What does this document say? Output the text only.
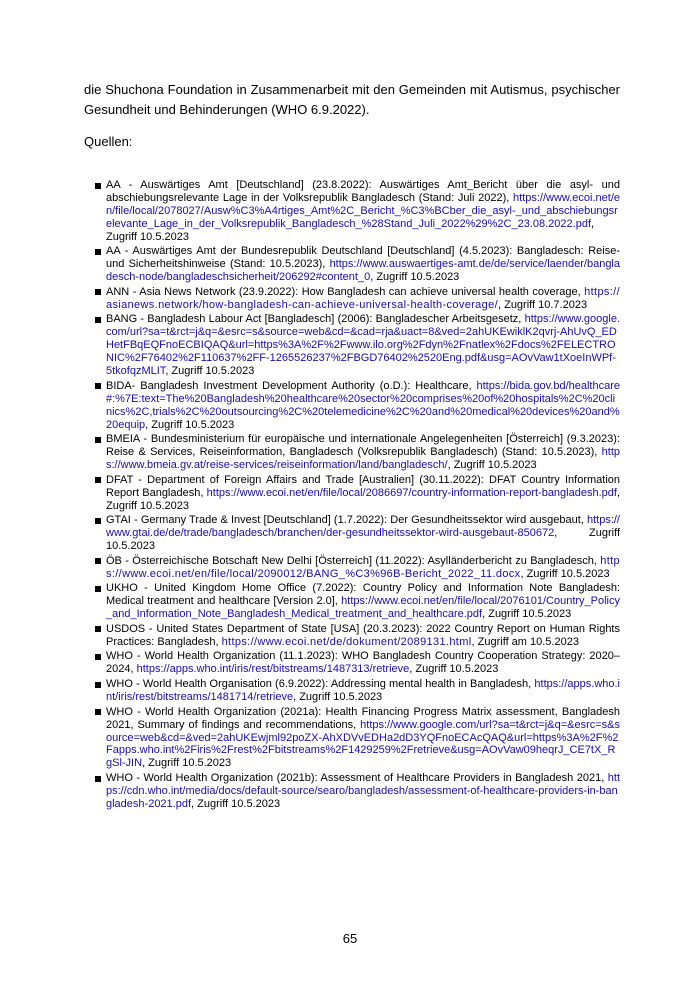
die Shuchona Foundation in Zusammenarbeit mit den Gemeinden mit Autismus, psychischer Gesundheit und Behinderungen (WHO 6.9.2022).

Quellen:

AA - Auswärtiges Amt [Deutschland] (23.8.2022): Auswärtiges Amt_Bericht über die asyl- und abschiebungsrelevante Lage in der Volksrepublik Bangladesch (Stand: Juli 2022), https://www.ecoi.net/en/file/local/2078027/Ausw%C3%A4rtiges_Amt%2C_Bericht_%C3%BCber_die_asyl-_und_abschiebungsrelevante_Lage_in_der_Volksrepublik_Bangladesch_%28Stand_Juli_2022%29%2C_23.08.2022.pdf, Zugriff 10.5.2023
AA - Auswärtiges Amt der Bundesrepublik Deutschland [Deutschland] (4.5.2023): Bangladesch: Reise- und Sicherheitshinweise (Stand: 10.5.2023), https://www.auswaertiges-amt.de/de/service/laender/bangladesch-node/bangladeschsicherheit/206292#content_0, Zugriff 10.5.2023
ANN - Asia News Network (23.9.2022): How Bangladesh can achieve universal health coverage, https://asianews.network/how-bangladesh-can-achieve-universal-health-coverage/, Zugriff 10.7.2023
BANG - Bangladesh Labour Act [Bangladesch] (2006): Bangladescher Arbeitsgesetz, https://www.google.com/url?sa=t&rct=j&q=&esrc=s&source=web&cd=&cad=rja&uact=8&ved=2ahUKEwiklK2qvrj-AhUvQ_EDHetFBqEQFnoECBIQAQ&url=https%3A%2F%2Fwww.ilo.org%2Fdyn%2Fnatlex%2Fdocs%2FELECTRONIC%2F76402%2F110637%2FF-1265526237%2FBGD76402%2520Eng.pdf&usg=AOvVaw1tXoeInWPf-5tkofqzMLIT, Zugriff 10.5.2023
BIDA- Bangladesh Investment Development Authority (o.D.): Healthcare, https://bida.gov.bd/healthcare#:%7E:text=The%20Bangladesh%20healthcare%20sector%20comprises%20of%20hospitals%2C%20clinics%2C,trials%2C%20outsourcing%2C%20telemedicine%2C%20and%20medical%20devices%20and%20equip, Zugriff 10.5.2023
BMEIA - Bundesministerium für europäische und internationale Angelegenheiten [Österreich] (9.3.2023): Reise & Services, Reiseinformation, Bangladesch (Volksrepublik Bangladesch) (Stand: 10.5.2023), https://www.bmeia.gv.at/reise-services/reiseinformation/land/bangladesch/, Zugriff 10.5.2023
DFAT - Department of Foreign Affairs and Trade [Australien] (30.11.2022): DFAT Country Information Report Bangladesh, https://www.ecoi.net/en/file/local/2086697/country-information-report-bangladesh.pdf, Zugriff 10.5.2023
GTAI - Germany Trade & Invest [Deutschland] (1.7.2022): Der Gesundheitssektor wird ausgebaut, https://www.gtai.de/de/trade/bangladesch/branchen/der-gesundheitssektor-wird-ausgebaut-850672, Zugriff 10.5.2023
ÖB - Österreichische Botschaft New Delhi [Österreich] (11.2022): Asylländerbericht zu Bangladesch, https://www.ecoi.net/en/file/local/2090012/BANG_%C3%96B-Bericht_2022_11.docx, Zugriff 10.5.2023
UKHO - United Kingdom Home Office (7.2022): Country Policy and Information Note Bangladesh: Medical treatment and healthcare [Version 2.0], https://www.ecoi.net/en/file/local/2076101/Country_Policy_and_Information_Note_Bangladesh_Medical_treatment_and_healthcare.pdf, Zugriff 10.5.2023
USDOS - United States Department of State [USA] (20.3.2023): 2022 Country Report on Human Rights Practices: Bangladesh, https://www.ecoi.net/de/dokument/2089131.html, Zugriff am 10.5.2023
WHO - World Health Organization (11.1.2023): WHO Bangladesh Country Cooperation Strategy: 2020–2024, https://apps.who.int/iris/rest/bitstreams/1487313/retrieve, Zugriff 10.5.2023
WHO - World Health Organisation (6.9.2022): Addressing mental health in Bangladesh, https://apps.who.int/iris/rest/bitstreams/1481714/retrieve, Zugriff 10.5.2023
WHO - World Health Organization (2021a): Health Financing Progress Matrix assessment, Bangladesh 2021, Summary of findings and recommendations, https://www.google.com/url?sa=t&rct=j&q=&esrc=s&source=web&cd=&ved=2ahUKEwjml92poZX-AhXDVvEDHa2dD3YQFnoECAcQAQ&url=https%3A%2F%2Fapps.who.int%2Firis%2Frest%2Fbitstreams%2F1429259%2Fretrieve&usg=AOvVaw09heqrJ_CE7tX_RgSl-JIN, Zugriff 10.5.2023
WHO - World Health Organization (2021b): Assessment of Healthcare Providers in Bangladesh 2021, https://cdn.who.int/media/docs/default-source/searo/bangladesh/assessment-of-healthcare-providers-in-bangladesh-2021.pdf, Zugriff 10.5.2023
65
